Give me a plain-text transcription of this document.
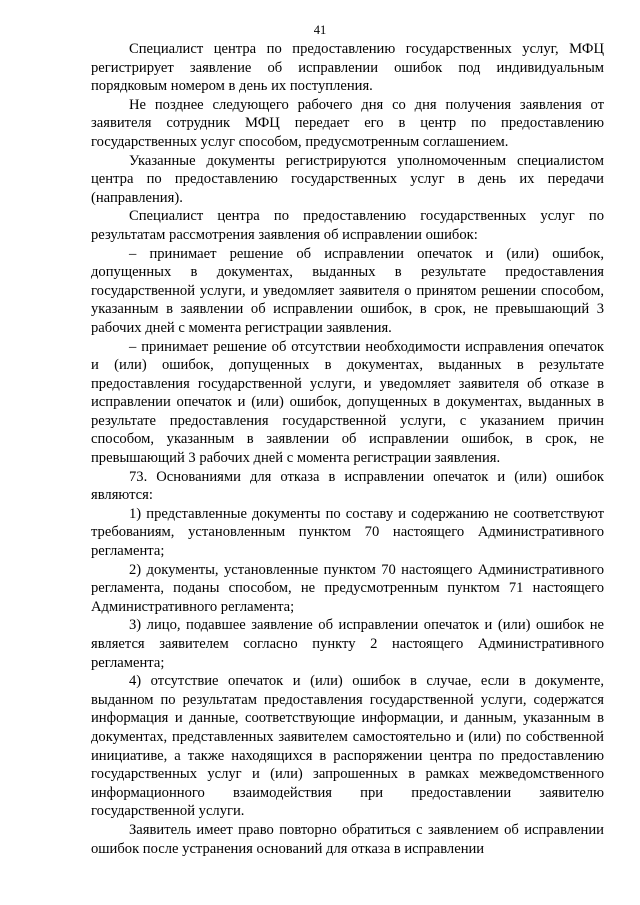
41

Специалист центра по предоставлению государственных услуг, МФЦ регистрирует заявление об исправлении ошибок под индивидуальным порядковым номером в день их поступления.

Не позднее следующего рабочего дня со дня получения заявления от заявителя сотрудник МФЦ передает его в центр по предоставлению государственных услуг способом, предусмотренным соглашением.

Указанные документы регистрируются уполномоченным специалистом центра по предоставлению государственных услуг в день их передачи (направления).

Специалист центра по предоставлению государственных услуг по результатам рассмотрения заявления об исправлении ошибок:

– принимает решение об исправлении опечаток и (или) ошибок, допущенных в документах, выданных в результате предоставления государственной услуги, и уведомляет заявителя о принятом решении способом, указанным в заявлении об исправлении ошибок, в срок, не превышающий 3 рабочих дней с момента регистрации заявления.

– принимает решение об отсутствии необходимости исправления опечаток и (или) ошибок, допущенных в документах, выданных в результате предоставления государственной услуги, и уведомляет заявителя об отказе в исправлении опечаток и (или) ошибок, допущенных в документах, выданных в результате предоставления государственной услуги, с указанием причин способом, указанным в заявлении об исправлении ошибок, в срок, не превышающий 3 рабочих дней с момента регистрации заявления.

73. Основаниями для отказа в исправлении опечаток и (или) ошибок являются:

1) представленные документы по составу и содержанию не соответствуют требованиям, установленным пунктом 70 настоящего Административного регламента;

2) документы, установленные пунктом 70 настоящего Административного регламента, поданы способом, не предусмотренным пунктом 71 настоящего Административного регламента;

3) лицо, подавшее заявление об исправлении опечаток и (или) ошибок не является заявителем согласно пункту 2 настоящего Административного регламента;

4) отсутствие опечаток и (или) ошибок в случае, если в документе, выданном по результатам предоставления государственной услуги, содержатся информация и данные, соответствующие информации, и данным, указанным в документах, представленных заявителем самостоятельно и (или) по собственной инициативе, а также находящихся в распоряжении центра по предоставлению государственных услуг и (или) запрошенных в рамках межведомственного информационного взаимодействия при предоставлении заявителю государственной услуги.

Заявитель имеет право повторно обратиться с заявлением об исправлении ошибок после устранения оснований для отказа в исправлении
